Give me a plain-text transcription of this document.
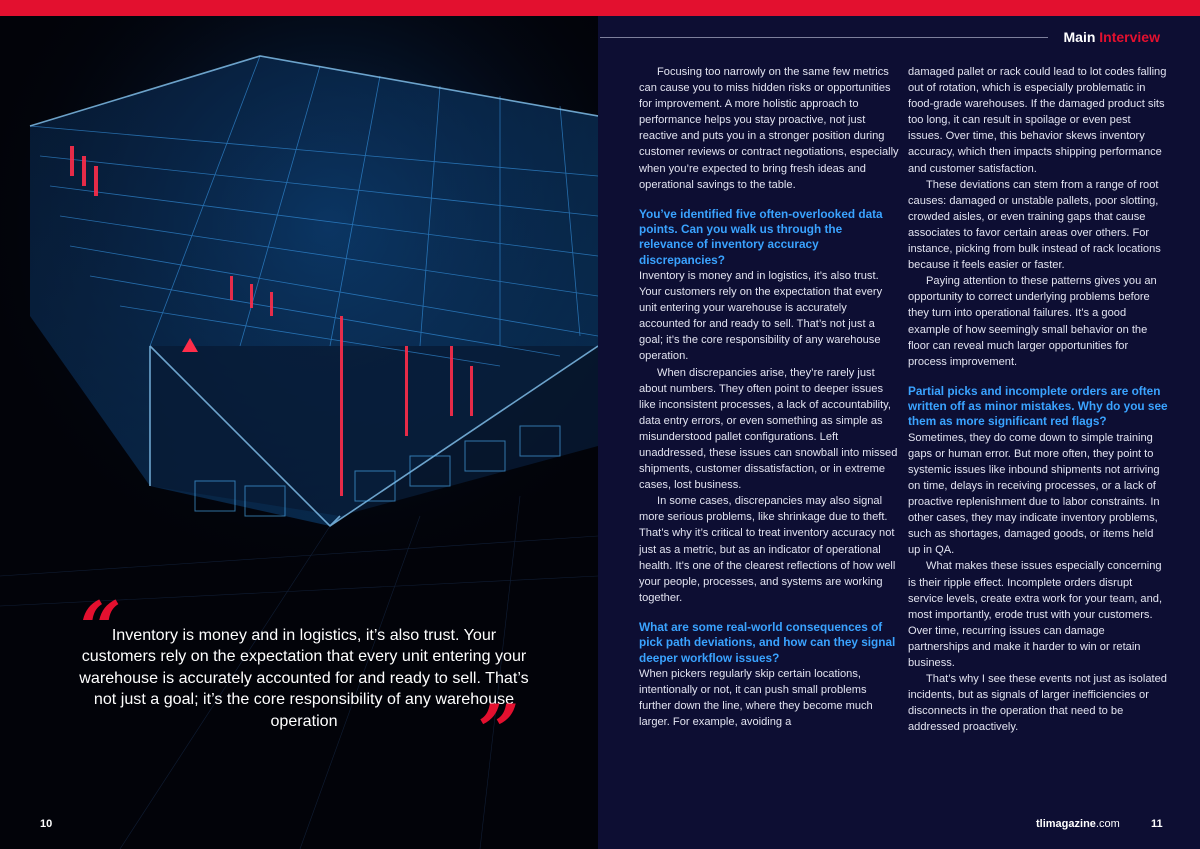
“
Inventory is money and in logistics, it’s also trust. Your customers rely on the expectation that every unit entering your warehouse is accurately accounted for and ready to sell. That’s not just a goal; it’s the core responsibility of any warehouse operation	”
Main Interview

Focusing too narrowly on the same few metrics can cause you to miss hidden risks or opportunities for improvement. A more holistic approach to performance helps you stay proactive, not just reactive and puts you in a stronger position during customer reviews or contract negotiations, especially when you’re expected to bring fresh ideas and operational savings to the table.

You’ve identified five often-overlooked data points. Can you walk us through the relevance of inventory accuracy discrepancies?

Inventory is money and in logistics, it’s also trust. Your customers rely on the expectation that every unit entering your warehouse is accurately accounted for and ready to sell. That’s not just a goal; it’s the core responsibility of any warehouse operation.

When discrepancies arise, they’re rarely just about numbers. They often point to deeper issues like inconsistent processes, a lack of accountability, data entry errors, or even something as simple as misunderstood pallet configurations. Left unaddressed, these issues can snowball into missed shipments, customer dissatisfaction, or in extreme cases, lost business.

In some cases, discrepancies may also signal more serious problems, like shrinkage due to theft. That’s why it’s critical to treat inventory accuracy not just as a metric, but as an indicator of operational health. It’s one of the clearest reflections of how well your people, processes, and systems are working together.

What are some real-world consequences of pick path deviations, and how can they signal deeper workflow issues?

When pickers regularly skip certain locations, intentionally or not, it can push small problems further down the line, where they become much larger. For example, avoiding a

damaged pallet or rack could lead to lot codes falling out of rotation, which is especially problematic in food-grade warehouses. If the damaged product sits too long, it can result in spoilage or even pest issues. Over time, this behavior skews inventory accuracy, which then impacts shipping performance and customer satisfaction.

These deviations can stem from a range of root causes: damaged or unstable pallets, poor slotting, crowded aisles, or even training gaps that cause associates to favor certain areas over others. For instance, picking from bulk instead of rack locations because it feels easier or faster.

Paying attention to these patterns gives you an opportunity to correct underlying problems before they turn into operational failures. It’s a good example of how seemingly small behavior on the floor can reveal much larger opportunities for process improvement.

Partial picks and incomplete orders are often written off as minor mistakes. Why do you see them as more significant red flags?

Sometimes, they do come down to simple training gaps or human error. But more often, they point to systemic issues like inbound shipments not arriving on time, delays in receiving processes, or a lack of proactive replenishment due to labor constraints. In other cases, they may indicate inventory problems, such as shortages, damaged goods, or items held up in QA.

What makes these issues especially concerning is their ripple effect. Incomplete orders disrupt service levels, create extra work for your team, and, most importantly, erode trust with your customers. Over time, recurring issues can damage partnerships and make it harder to win or retain business.

That’s why I see these events not just as isolated incidents, but as signals of larger inefficiencies or disconnects in the operation that need to be addressed proactively.

10	tlimagazine.com	11
